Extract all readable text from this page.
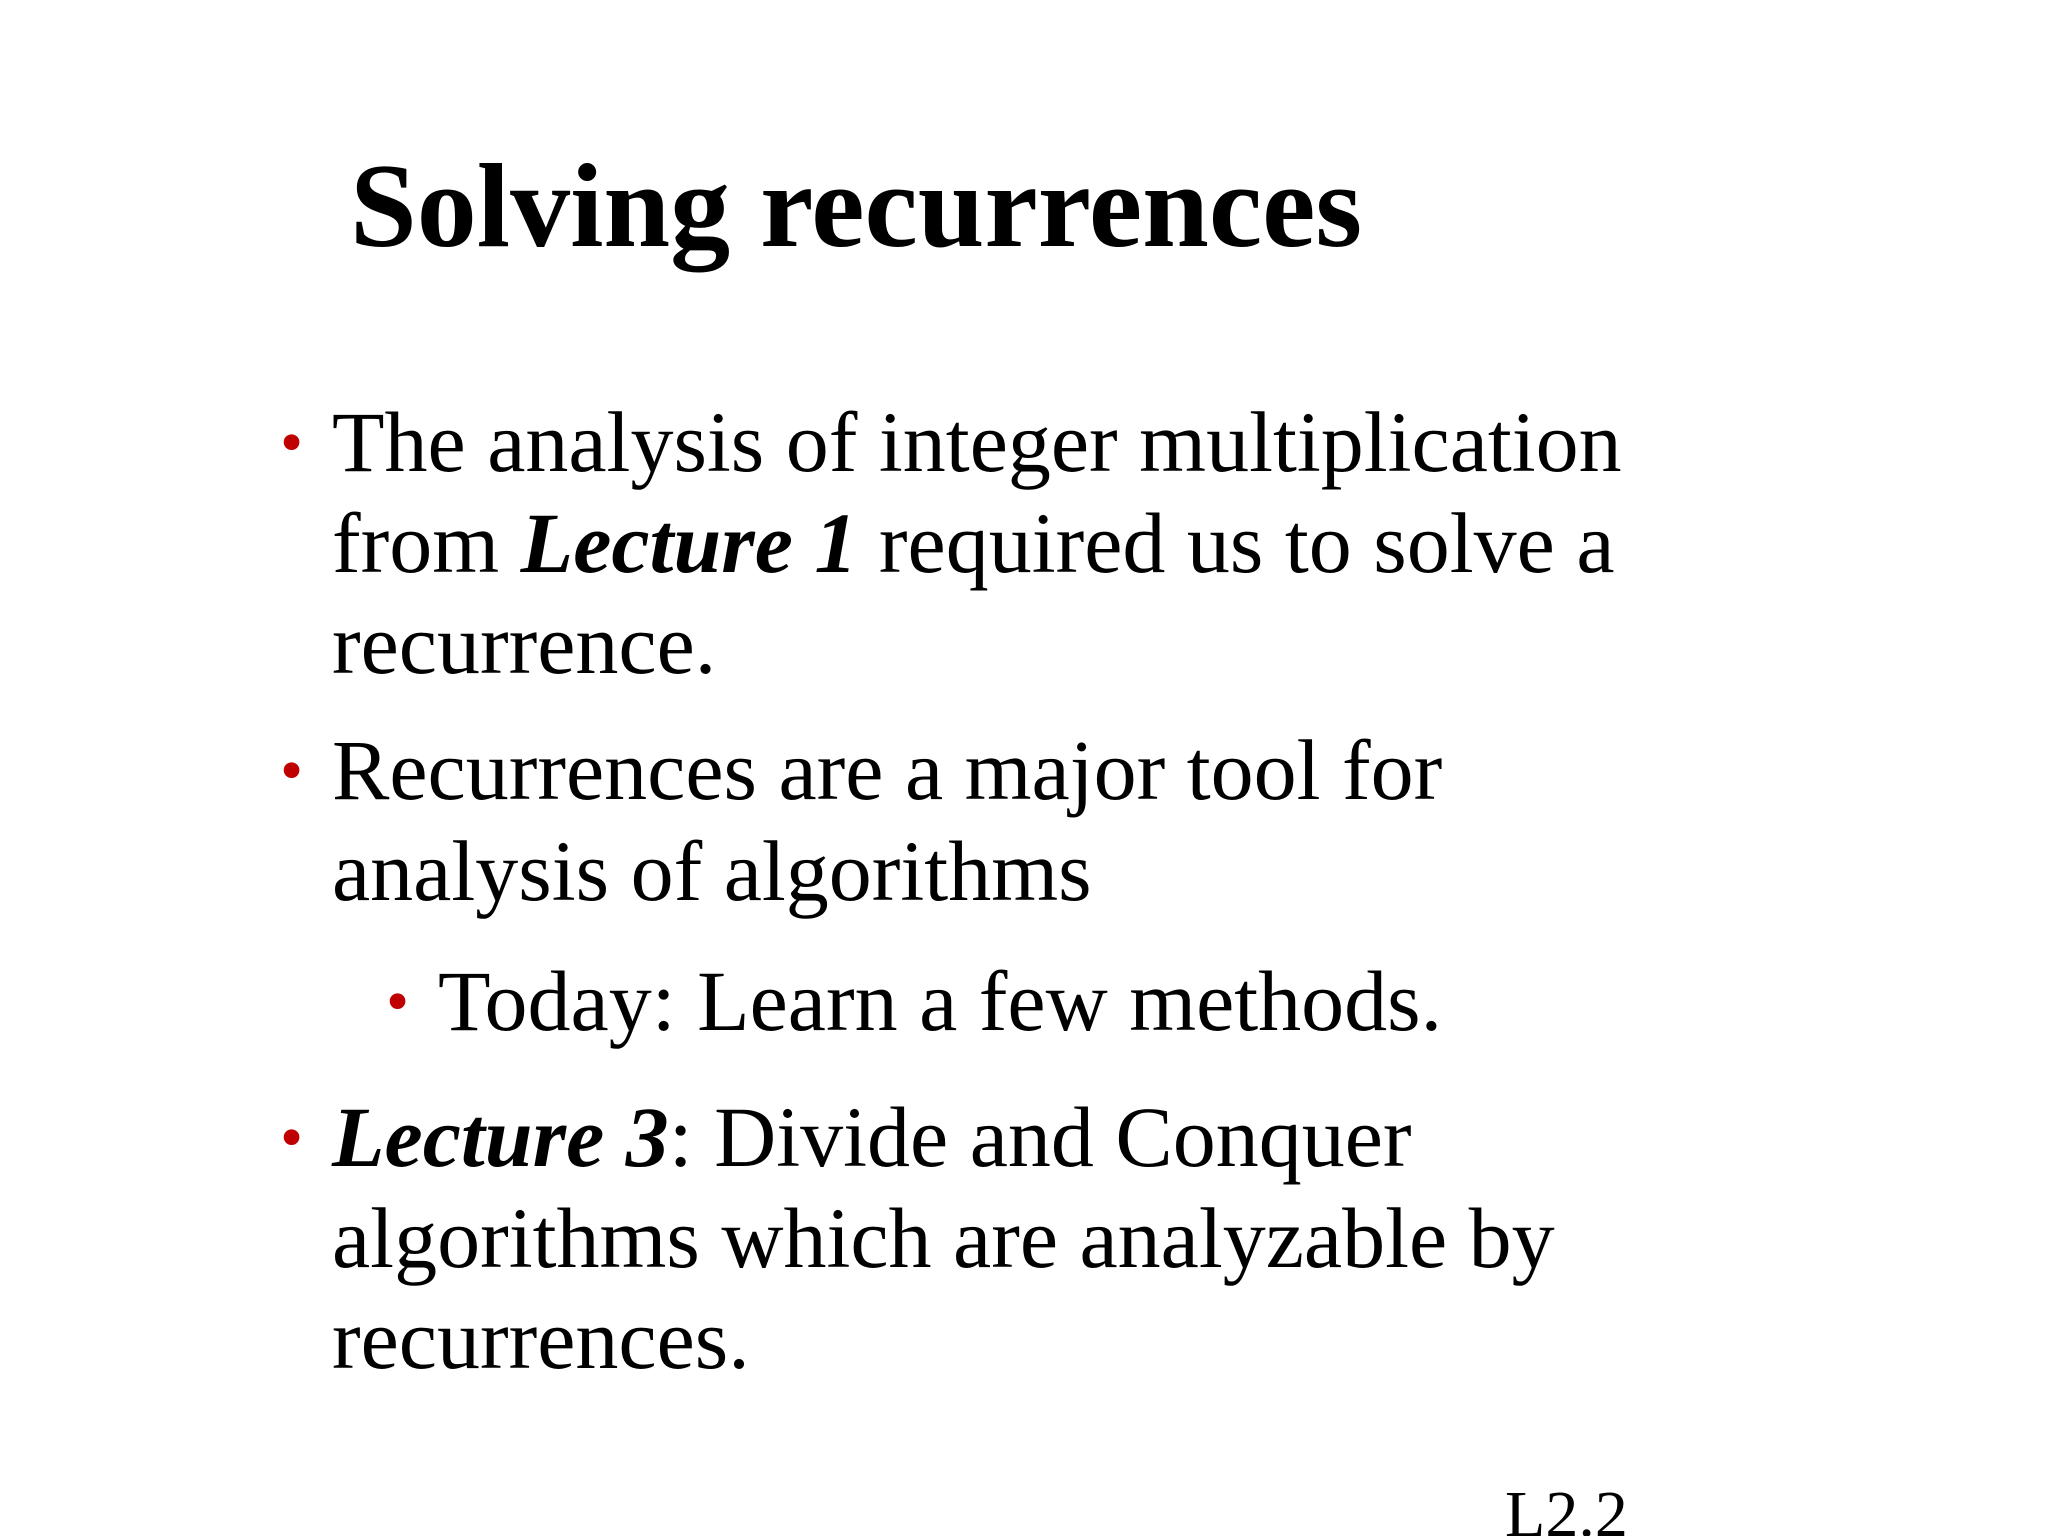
Solving recurrences
• The analysis of integer multiplication
from Lecture 1 required us to solve a
recurrence.
• Recurrences are a major tool for
analysis of algorithms
• Today: Learn a few methods.
• Lecture 3: Divide and Conquer
algorithms which are analyzable by
recurrences.
L2.2
